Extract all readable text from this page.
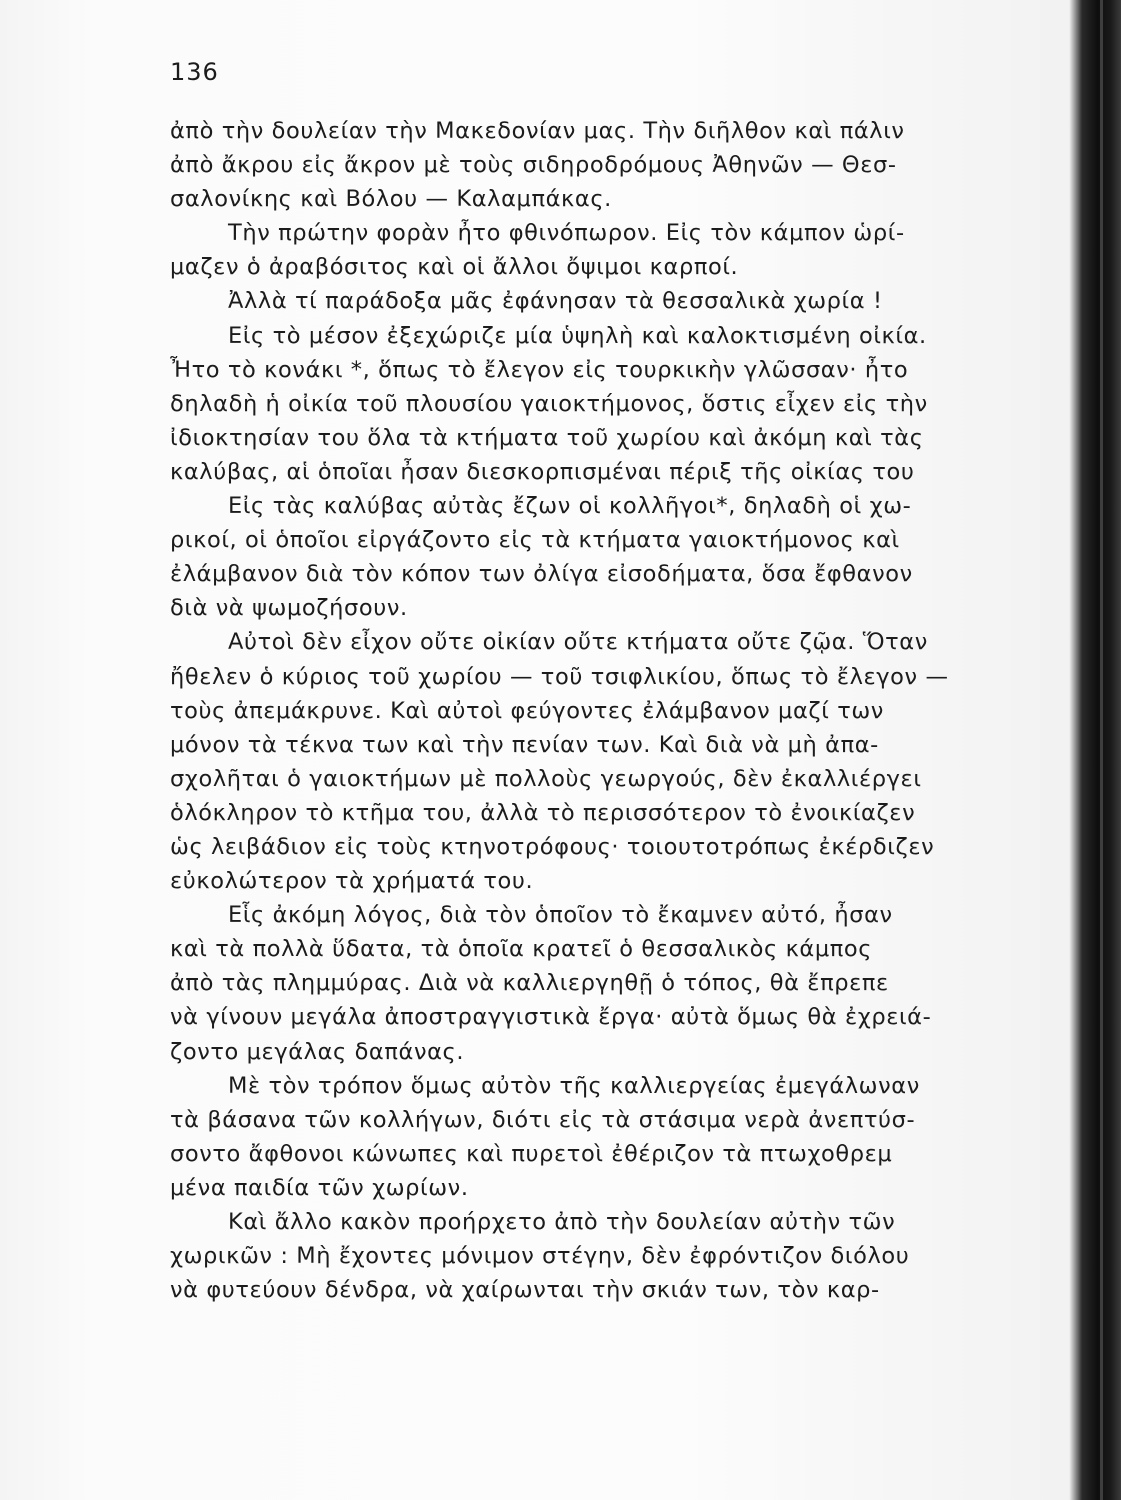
136
ἀπὸ τὴν δουλείαν τὴν Μακεδονίαν μας. Τὴν διῆλθον καὶ πάλιν
ἀπὸ ἄκρου εἰς ἄκρον μὲ τοὺς σιδηροδρόμους Ἀθηνῶν — Θεσ-
σαλονίκης καὶ Βόλου — Καλαμπάκας.
Τὴν πρώτην φορὰν ἦτο φθινόπωρον. Εἰς τὸν κάμπον ὡρί-
μαζεν ὁ ἀραβόσιτος καὶ οἱ ἄλλοι ὄψιμοι καρποί.
Ἀλλὰ τί παράδοξα μᾶς ἐφάνησαν τὰ θεσσαλικὰ χωρία !
Εἰς τὸ μέσον ἐξεχώριζε μία ὑψηλὴ καὶ καλοκτισμένη οἰκία.
Ἦτο τὸ κονάκι *, ὅπως τὸ ἔλεγον εἰς τουρκικὴν γλῶσσαν· ἦτο
δηλαδὴ ἡ οἰκία τοῦ πλουσίου γαιοκτήμονος, ὅστις εἶχεν εἰς τὴν
ἰδιοκτησίαν του ὅλα τὰ κτήματα τοῦ χωρίου καὶ ἀκόμη καὶ τὰς
καλύβας, αἱ ὁποῖαι ἦσαν διεσκορπισμέναι πέριξ τῆς οἰκίας του
Εἰς τὰς καλύβας αὐτὰς ἔζων οἱ κολλῆγοι*, δηλαδὴ οἱ χω-
ρικοί, οἱ ὁποῖοι εἰργάζοντο εἰς τὰ κτήματα γαιοκτήμονος καὶ
ἐλάμβανον διὰ τὸν κόπον των ὀλίγα εἰσοδήματα, ὅσα ἔφθανον
διὰ νὰ ψωμοζήσουν.
Αὐτοὶ δὲν εἶχον οὔτε οἰκίαν οὔτε κτήματα οὔτε ζῷα. Ὅταν
ἤθελεν ὁ κύριος τοῦ χωρίου — τοῦ τσιφλικίου, ὅπως τὸ ἔλεγον —
τοὺς ἀπεμάκρυνε. Καὶ αὐτοὶ φεύγοντες ἐλάμβανον μαζί των
μόνον τὰ τέκνα των καὶ τὴν πενίαν των. Καὶ διὰ νὰ μὴ ἀπα-
σχολῆται ὁ γαιοκτήμων μὲ πολλοὺς γεωργούς, δὲν ἐκαλλιέργει
ὁλόκληρον τὸ κτῆμα του, ἀλλὰ τὸ περισσότερον τὸ ἐνοικίαζεν
ὡς λειβάδιον εἰς τοὺς κτηνοτρόφους· τοιουτοτρόπως ἐκέρδιζεν
εὐκολώτερον τὰ χρήματά του.
Εἷς ἀκόμη λόγος, διὰ τὸν ὁποῖον τὸ ἔκαμνεν αὐτό, ἦσαν
καὶ τὰ πολλὰ ὕδατα, τὰ ὁποῖα κρατεῖ ὁ θεσσαλικὸς κάμπος
ἀπὸ τὰς πλημμύρας. Διὰ νὰ καλλιεργηθῇ ὁ τόπος, θὰ ἔπρεπε
νὰ γίνουν μεγάλα ἀποστραγγιστικὰ ἔργα· αὐτὰ ὅμως θὰ ἐχρειά-
ζοντο μεγάλας δαπάνας.
Μὲ τὸν τρόπον ὅμως αὐτὸν τῆς καλλιεργείας ἐμεγάλωναν
τὰ βάσανα τῶν κολλήγων, διότι εἰς τὰ στάσιμα νερὰ ἀνεπτύσ-
σοντο ἄφθονοι κώνωπες καὶ πυρετοὶ ἐθέριζον τὰ πτωχοθρεμ
μένα παιδία τῶν χωρίων.
Καὶ ἄλλο κακὸν προήρχετο ἀπὸ τὴν δουλείαν αὐτὴν τῶν
χωρικῶν : Μὴ ἔχοντες μόνιμον στέγην, δὲν ἐφρόντιζον διόλου
νὰ φυτεύουν δένδρα, νὰ χαίρωνται τὴν σκιάν των, τὸν καρ-
